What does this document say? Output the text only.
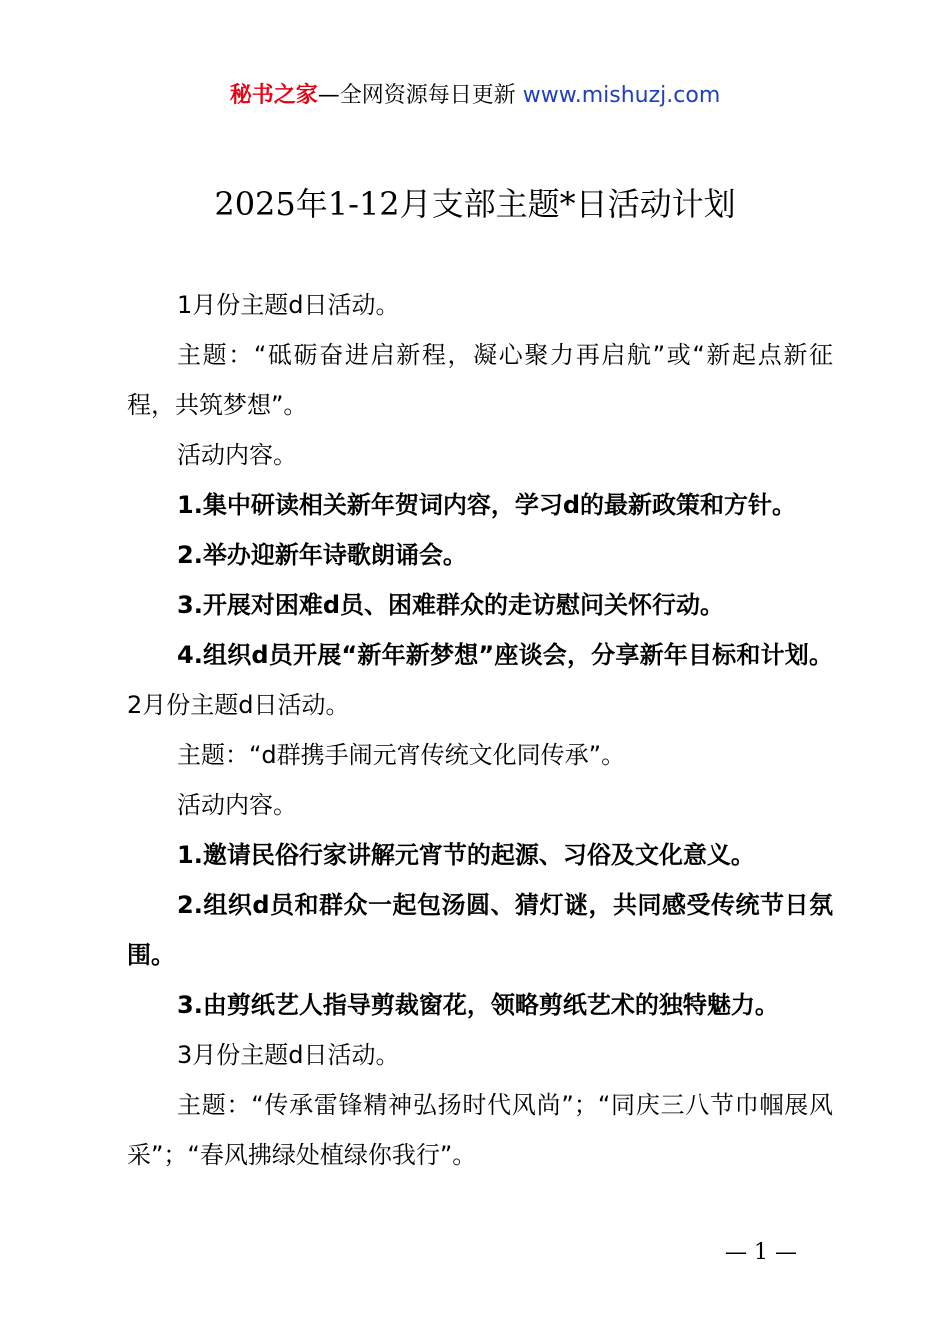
秘书之家—全网资源每日更新 www.mishuzj.com
2025年1-12月支部主题*日活动计划

1月份主题d日活动。

主题：“砥砺奋进启新程，凝心聚力再启航”或“新起点新征程，共筑梦想”。

活动内容。

1.集中研读相关新年贺词内容，学习d的最新政策和方针。

2.举办迎新年诗歌朗诵会。

3.开展对困难d员、困难群众的走访慰问关怀行动。

4.组织d员开展“新年新梦想”座谈会，分享新年目标和计划。2月份主题d日活动。

主题：“d群携手闹元宵传统文化同传承”。

活动内容。

1.邀请民俗行家讲解元宵节的起源、习俗及文化意义。

2.组织d员和群众一起包汤圆、猜灯谜，共同感受传统节日氛围。

3.由剪纸艺人指导剪裁窗花，领略剪纸艺术的独特魅力。

3月份主题d日活动。

主题：“传承雷锋精神弘扬时代风尚”；“同庆三八节巾帼展风采”；“春风拂绿处植绿你我行”。

— 1 —
